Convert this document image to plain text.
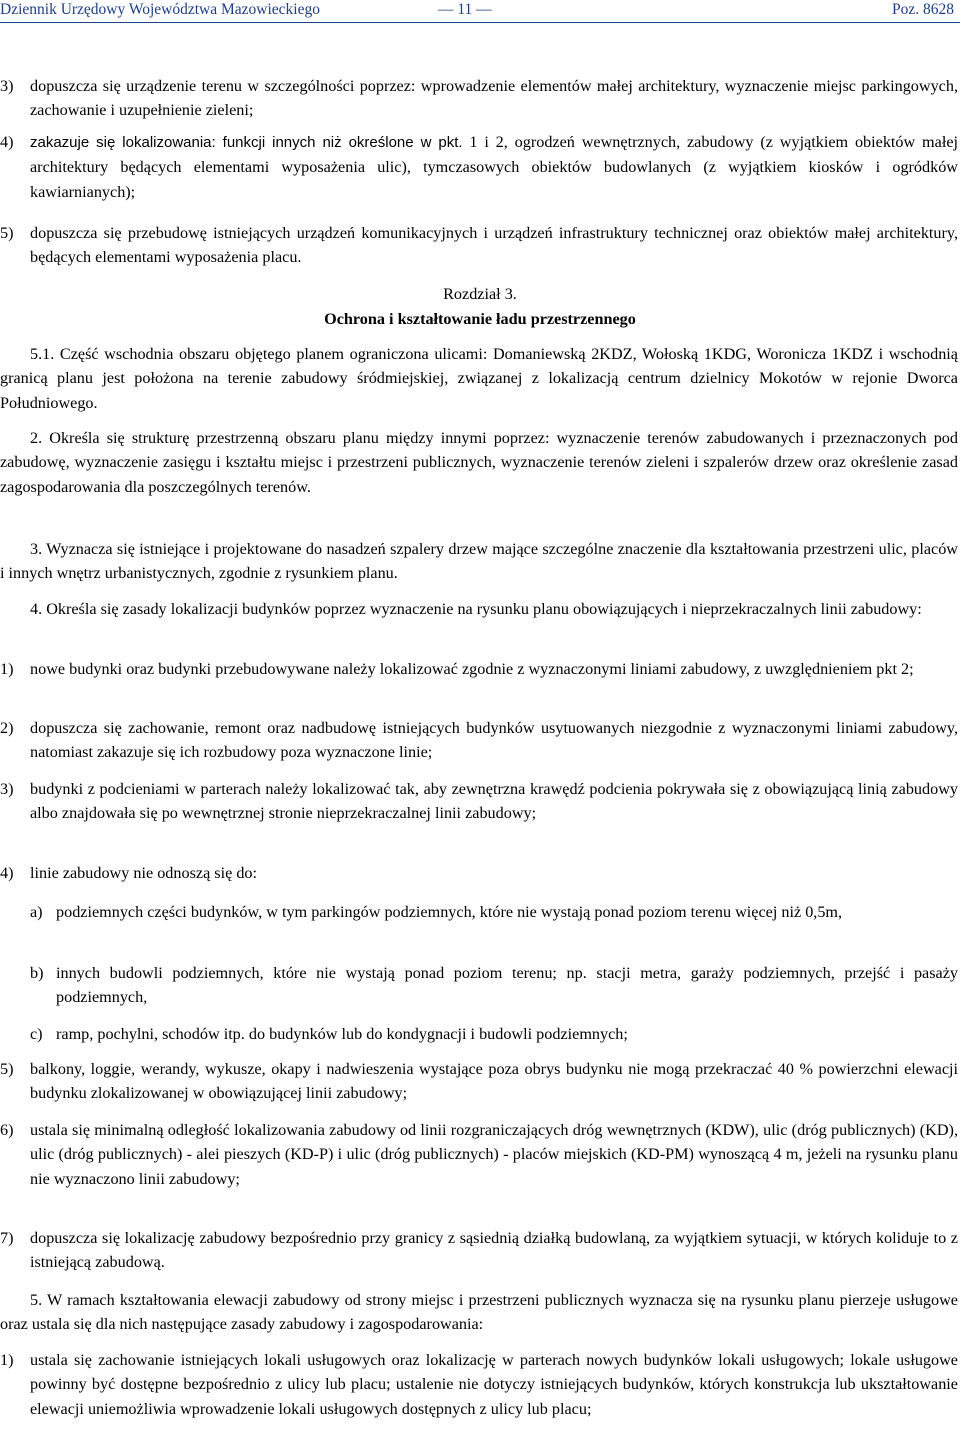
Dziennik Urzędowy Województwa Mazowieckiego	— 11 —	Poz. 8628
3) dopuszcza się urządzenie terenu w szczególności poprzez: wprowadzenie elementów małej architektury, wyznaczenie miejsc parkingowych, zachowanie i uzupełnienie zieleni;
4) zakazuje się lokalizowania: funkcji innych niż określone w pkt. 1 i 2, ogrodzeń wewnętrznych, zabudowy (z wyjątkiem obiektów małej architektury będących elementami wyposażenia ulic), tymczasowych obiektów budowlanych (z wyjątkiem kiosków i ogródków kawiarnianych);
5) dopuszcza się przebudowę istniejących urządzeń komunikacyjnych i urządzeń infrastruktury technicznej oraz obiektów małej architektury, będących elementami wyposażenia placu.
Rozdział 3.
Ochrona i kształtowanie ładu przestrzennego
5.1. Część wschodnia obszaru objętego planem ograniczona ulicami: Domaniewską 2KDZ, Wołoską 1KDG, Woronicza 1KDZ i wschodnią granicą planu jest położona na terenie zabudowy śródmiejskiej, związanej z lokalizacją centrum dzielnicy Mokotów w rejonie Dworca Południowego.
2. Określa się strukturę przestrzenną obszaru planu między innymi poprzez: wyznaczenie terenów zabudowanych i przeznaczonych pod zabudowę, wyznaczenie zasięgu i kształtu miejsc i przestrzeni publicznych, wyznaczenie terenów zieleni i szpalerów drzew oraz określenie zasad zagospodarowania dla poszczególnych terenów.
3. Wyznacza się istniejące i projektowane do nasadzeń szpalery drzew mające szczególne znaczenie dla kształtowania przestrzeni ulic, placów i innych wnętrz urbanistycznych, zgodnie z rysunkiem planu.
4. Określa się zasady lokalizacji budynków poprzez wyznaczenie na rysunku planu obowiązujących i nieprzekraczalnych linii zabudowy:
1) nowe budynki oraz budynki przebudowywane należy lokalizować zgodnie z wyznaczonymi liniami zabudowy, z uwzględnieniem pkt 2;
2) dopuszcza się zachowanie, remont oraz nadbudowę istniejących budynków usytuowanych niezgodnie z wyznaczonymi liniami zabudowy, natomiast zakazuje się ich rozbudowy poza wyznaczone linie;
3) budynki z podcieniami w parterach należy lokalizować tak, aby zewnętrzna krawędź podcienia pokrywała się z obowiązującą linią zabudowy albo znajdowała się po wewnętrznej stronie nieprzekraczalnej linii zabudowy;
4) linie zabudowy nie odnoszą się do:
a) podziemnych części budynków, w tym parkingów podziemnych, które nie wystają ponad poziom terenu więcej niż 0,5m,
b) innych budowli podziemnych, które nie wystają ponad poziom terenu; np. stacji metra, garaży podziemnych, przejść i pasaży podziemnych,
c) ramp, pochylni, schodów itp. do budynków lub do kondygnacji i budowli podziemnych;
5) balkony, loggie, werandy, wykusze, okapy i nadwieszenia wystające poza obrys budynku nie mogą przekraczać 40 % powierzchni elewacji budynku zlokalizowanej w obowiązującej linii zabudowy;
6) ustala się minimalną odległość lokalizowania zabudowy od linii rozgraniczających dróg wewnętrznych (KDW), ulic (dróg publicznych) (KD), ulic (dróg publicznych) - alei pieszych (KD-P) i ulic (dróg publicznych) - placów miejskich (KD-PM) wynoszącą 4 m, jeżeli na rysunku planu nie wyznaczono linii zabudowy;
7) dopuszcza się lokalizację zabudowy bezpośrednio przy granicy z sąsiednią działką budowlaną, za wyjątkiem sytuacji, w których koliduje to z istniejącą zabudową.
5. W ramach kształtowania elewacji zabudowy od strony miejsc i przestrzeni publicznych wyznacza się na rysunku planu pierzeje usługowe oraz ustala się dla nich następujące zasady zabudowy i zagospodarowania:
1) ustala się zachowanie istniejących lokali usługowych oraz lokalizację w parterach nowych budynków lokali usługowych; lokale usługowe powinny być dostępne bezpośrednio z ulicy lub placu; ustalenie nie dotyczy istniejących budynków, których konstrukcja lub ukształtowanie elewacji uniemożliwia wprowadzenie lokali usługowych dostępnych z ulicy lub placu;
